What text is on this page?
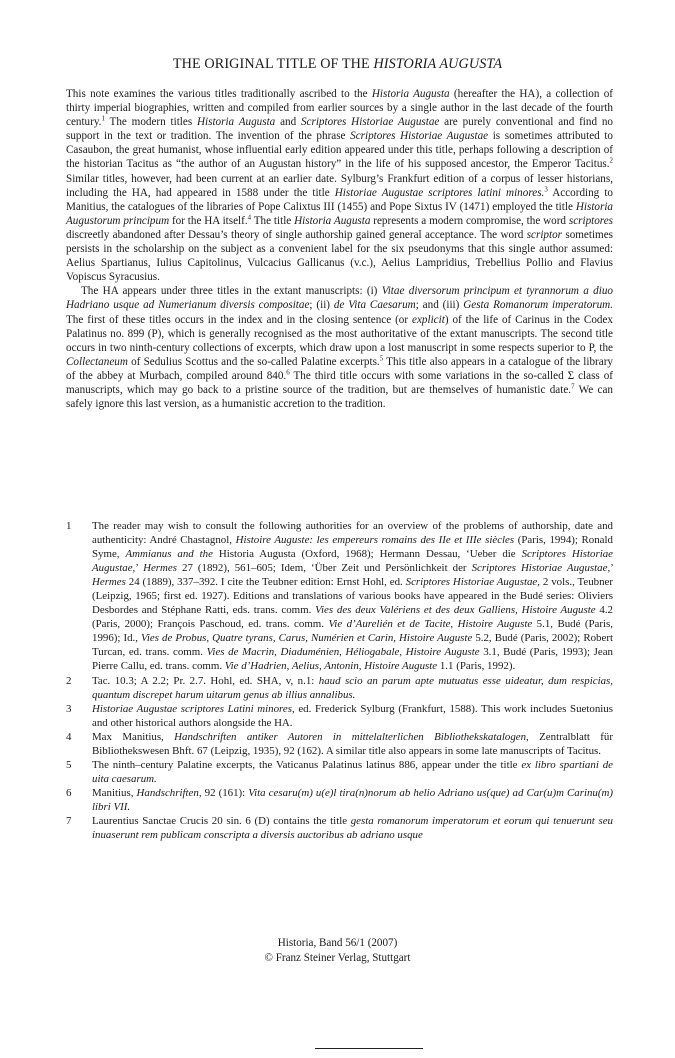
THE ORIGINAL TITLE OF THE HISTORIA AUGUSTA

This note examines the various titles traditionally ascribed to the Historia Augusta (hereafter the HA), a collection of thirty imperial biographies, written and compiled from earlier sources by a single author in the last decade of the fourth century.$^1$ The modern titles Historia Augusta and Scriptores Historiae Augustae are purely conventional and find no support in the text or tradition. The invention of the phrase Scriptores Historiae Augustae is sometimes attributed to Casaubon, the great humanist, whose influential early edition appeared under this title, perhaps following a description of the historian Tacitus as “the author of an Augustan history” in the life of his supposed ancestor, the Emperor Tacitus.$^2$ Similar titles, however, had been current at an earlier date. Sylburg’s Frankfurt edition of a corpus of lesser historians, including the HA, had appeared in 1588 under the title Historiae Augustae scriptores latini minores.$^3$ According to Manitius, the catalogues of the libraries of Pope Calixtus III (1455) and Pope Sixtus IV (1471) employed the title Historia Augustorum principum for the HA itself.$^4$ The title Historia Augusta represents a modern compromise, the word scriptores discreetly abandoned after Dessau’s theory of single authorship gained general acceptance. The word scriptor sometimes persists in the scholarship on the subject as a convenient label for the six pseudonyms that this single author assumed: Aelius Spartianus, Iulius Capitolinus, Vulcacius Gallicanus (v.c.), Aelius Lampridius, Trebellius Pollio and Flavius Vopiscus Syracusius.

The HA appears under three titles in the extant manuscripts: (i) Vitae diversorum principum et tyrannorum a diuo Hadriano usque ad Numerianum diversis compositae; (ii) de Vita Caesarum; and (iii) Gesta Romanorum imperatorum. The first of these titles occurs in the index and in the closing sentence (or explicit) of the life of Carinus in the Codex Palatinus no. 899 (P), which is generally recognised as the most authoritative of the extant manuscripts. The second title occurs in two ninth-century collections of excerpts, which draw upon a lost manuscript in some respects superior to P, the Collectaneum of Sedulius Scottus and the so-called Palatine excerpts.$^5$ This title also appears in a catalogue of the library of the abbey at Murbach, compiled around 840.$^6$ The third title occurs with some variations in the so-called Σ class of manuscripts, which may go back to a pristine source of the tradition, but are themselves of humanistic date.$^7$ We can safely ignore this last version, as a humanistic accretion to the tradition.

1	The reader may wish to consult the following authorities for an overview of the problems of authorship, date and authenticity: André Chastagnol, Histoire Auguste: les empereurs romains des IIe et IIIe siècles (Paris, 1994); Ronald Syme, Ammianus and the Historia Augusta (Oxford, 1968); Hermann Dessau, ‘Ueber die Scriptores Historiae Augustae,’ Hermes 27 (1892), 561–605; Idem, ‘Über Zeit und Persönlichkeit der Scriptores Historiae Augustae,’ Hermes 24 (1889), 337–392. I cite the Teubner edition: Ernst Hohl, ed. Scriptores Historiae Augustae, 2 vols., Teubner (Leipzig, 1965; first ed. 1927). Editions and translations of various books have appeared in the Budé series: Oliviers Desbordes and Stéphane Ratti, eds. trans. comm. Vies des deux Valériens et des deux Galliens, Histoire Auguste 4.2 (Paris, 2000); François Paschoud, ed. trans. comm. Vie d’Aurelién et de Tacite, Histoire Auguste 5.1, Budé (Paris, 1996); Id., Vies de Probus, Quatre tyrans, Carus, Numérien et Carin, Histoire Auguste 5.2, Budé (Paris, 2002); Robert Turcan, ed. trans. comm. Vies de Macrin, Diaduménien, Héliogabale, Histoire Auguste 3.1, Budé (Paris, 1993); Jean Pierre Callu, ed. trans. comm. Vie d’Hadrien, Aelius, Antonin, Histoire Auguste 1.1 (Paris, 1992).
2	Tac. 10.3; A 2.2; Pr. 2.7. Hohl, ed. SHA, v, n.1: haud scio an parum apte mutuatus esse uideatur, dum respicias, quantum discrepet harum uitarum genus ab illius annalibus.
3	Historiae Augustae scriptores Latini minores, ed. Frederick Sylburg (Frankfurt, 1588). This work includes Suetonius and other historical authors alongside the HA.
4	Max Manitius, Handschriften antiker Autoren in mittelalterlichen Bibliothekskatalogen, Zentralblatt für Bibliothekswesen Bhft. 67 (Leipzig, 1935), 92 (162). A similar title also appears in some late manuscripts of Tacitus.
5	The ninth–century Palatine excerpts, the Vaticanus Palatinus latinus 886, appear under the title ex libro spartiani de uita caesarum.
6	Manitius, Handschriften, 92 (161): Vita cesaru(m) u(e)l tira(n)norum ab helio Adriano us(que) ad Car(u)m Carinu(m) libri VII.
7	Laurentius Sanctae Crucis 20 sin. 6 (D) contains the title gesta romanorum imperatorum et eorum qui tenuerunt seu inuaserunt rem publicam conscripta a diversis auctoribus ab adriano usque
Historia, Band 56/1 (2007)
© Franz Steiner Verlag, Stuttgart
